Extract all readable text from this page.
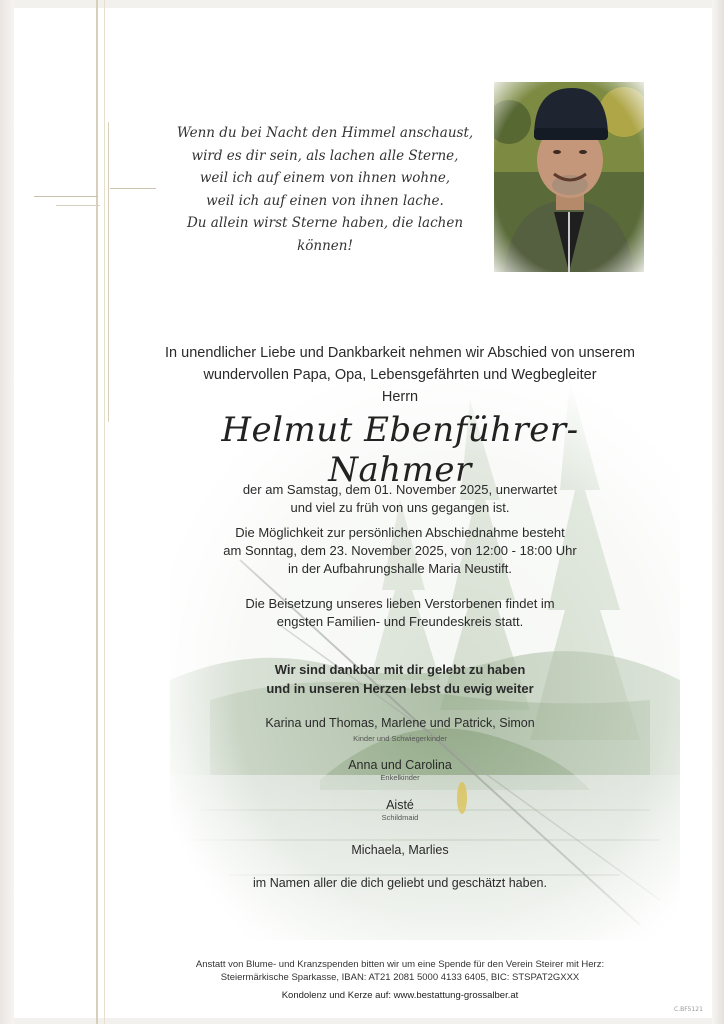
Wenn du bei Nacht den Himmel anschaust,
wird es dir sein, als lachen alle Sterne,
weil ich auf einem von ihnen wohne,
weil ich auf einen von ihnen lache.
Du allein wirst Sterne haben, die lachen können!
In unendlicher Liebe und Dankbarkeit nehmen wir Abschied von unserem
wundervollen Papa, Opa, Lebensgefährten und Wegbegleiter
Herrn
Helmut Ebenführer-Nahmer
der am Samstag, dem 01. November 2025, unerwartet
und viel zu früh von uns gegangen ist.
Die Möglichkeit zur persönlichen Abschiednahme besteht
am Sonntag, dem 23. November 2025, von 12:00 - 18:00 Uhr
in der Aufbahrungshalle Maria Neustift.
Die Beisetzung unseres lieben Verstorbenen findet im
engsten Familien- und Freundeskreis statt.
Wir sind dankbar mit dir gelebt zu haben
und in unseren Herzen lebst du ewig weiter
Karina und Thomas, Marlene und Patrick, Simon
Kinder und Schwiegerkinder
Anna und Carolina
Enkelkinder
Aisté
Schildmaid
Michaela, Marlies
im Namen aller die dich geliebt und geschätzt haben.
Anstatt von Blume- und Kranzspenden bitten wir um eine Spende für den Verein Steirer mit Herz:
Steiermärkische Sparkasse, IBAN: AT21 2081 5000 4133 6405, BIC: STSPAT2GXXX
Kondolenz und Kerze auf: www.bestattung-grossalber.at
C.BF5121
